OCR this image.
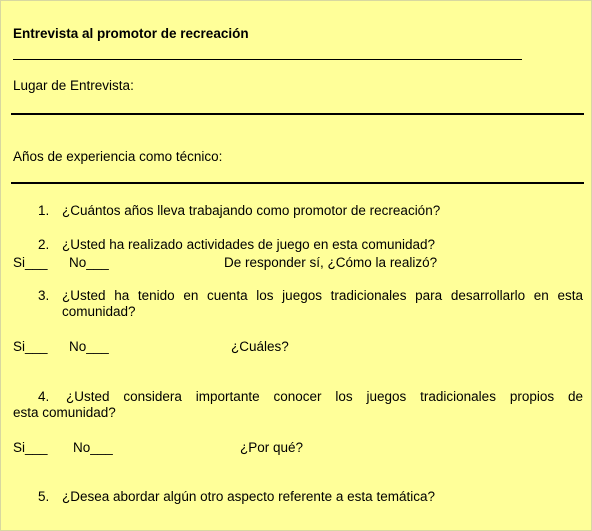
Entrevista al promotor de recreación
Lugar de Entrevista:
Años de experiencia como técnico:
1. ¿Cuántos años lleva trabajando como promotor de recreación?
2. ¿Usted ha realizado actividades de juego en esta comunidad?
Si___ No___	De responder sí, ¿Cómo la realizó?
3. ¿Usted ha tenido en cuenta los juegos tradicionales para desarrollarlo en esta comunidad?
Si___ No___	¿Cuáles?
4. ¿Usted considera importante conocer los juegos tradicionales propios de
esta comunidad?
Si___ No___	¿Por qué?
5. ¿Desea abordar algún otro aspecto referente a esta temática?
